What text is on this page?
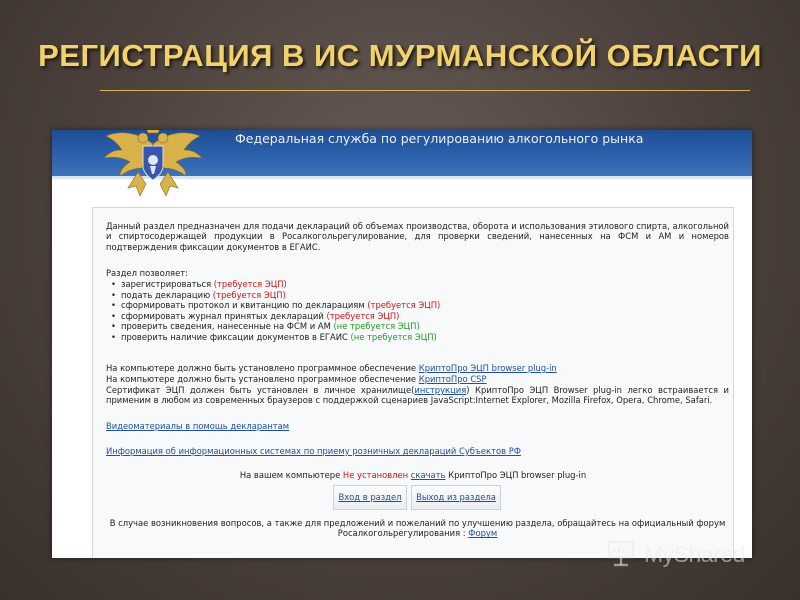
РЕГИСТРАЦИЯ В ИС МУРМАНСКОЙ ОБЛАСТИ
Федеральная служба по регулированию алкогольного рынка

Данный раздел предназначен для подачи деклараций об объемах производства, оборота и использования этилового спирта, алкогольной и спиртосодержащей продукции в Росалкогольрегулирование, для проверки сведений, нанесенных на ФСМ и АМ и номеров подтверждения фиксации документов в ЕГАИС.

Раздел позволяет:

• зарегистрироваться (требуется ЭЦП)
• подать декларацию (требуется ЭЦП)
• сформировать протокол и квитанцию по декларациям (требуется ЭЦП)
• сформировать журнал принятых деклараций (требуется ЭЦП)
• проверить сведения, нанесенные на ФСМ и АМ (не требуется ЭЦП)
• проверить наличие фиксации документов в ЕГАИС (не требуется ЭЦП)

На компьютере должно быть установлено программное обеспечение КриптоПро ЭЦП browser plug-in

На компьютере должно быть установлено программное обеспечение КриптоПро CSP

Сертификат ЭЦП должен быть установлен в личное хранилище(инструкция) КриптоПро ЭЦП Browser plug-in легко встраивается и применим в любом из современных браузеров с поддержкой сценариев JavaScript:Internet Explorer, Mozilla Firefox, Opera, Chrome, Safari.

Видеоматериалы в помощь декларантам
Информация об информационных системах по приему розничных деклараций Субъектов РФ

На вашем компьютере Не установлен скачать КриптоПро ЭЦП browser plug-in

Вход в раздел	Выход из раздела

В случае возникновения вопросов, а также для предложений и пожеланий по улучшению раздела, обращайтесь на официальный форум Росалкогольрегулирования : Форум

MyShared
